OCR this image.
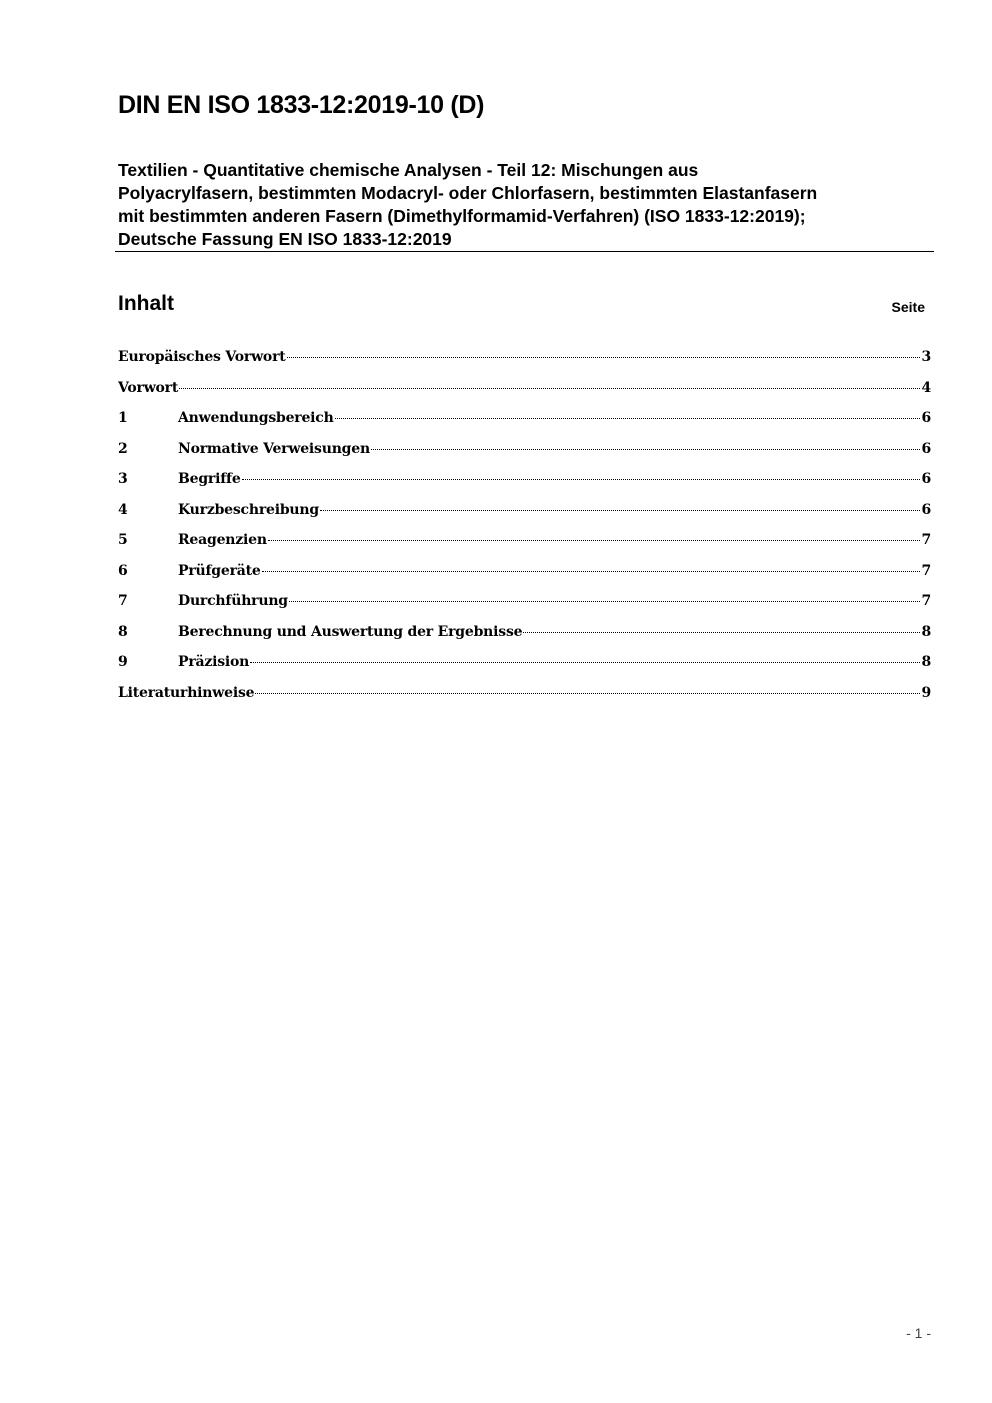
DIN EN ISO 1833-12:2019-10 (D)
Textilien - Quantitative chemische Analysen - Teil 12: Mischungen aus
Polyacrylfasern, bestimmten Modacryl- oder Chlorfasern, bestimmten Elastanfasern
mit bestimmten anderen Fasern (Dimethylformamid-Verfahren) (ISO 1833-12:2019);
Deutsche Fassung EN ISO 1833-12:2019
Inhalt	Seite
Europäisches Vorwort	3
Vorwort	4
1	Anwendungsbereich	6
2	Normative Verweisungen	6
3	Begriffe	6
4	Kurzbeschreibung	6
5	Reagenzien	7
6	Prüfgeräte	7
7	Durchführung	7
8	Berechnung und Auswertung der Ergebnisse	8
9	Präzision	8
Literaturhinweise	9
- 1 -
